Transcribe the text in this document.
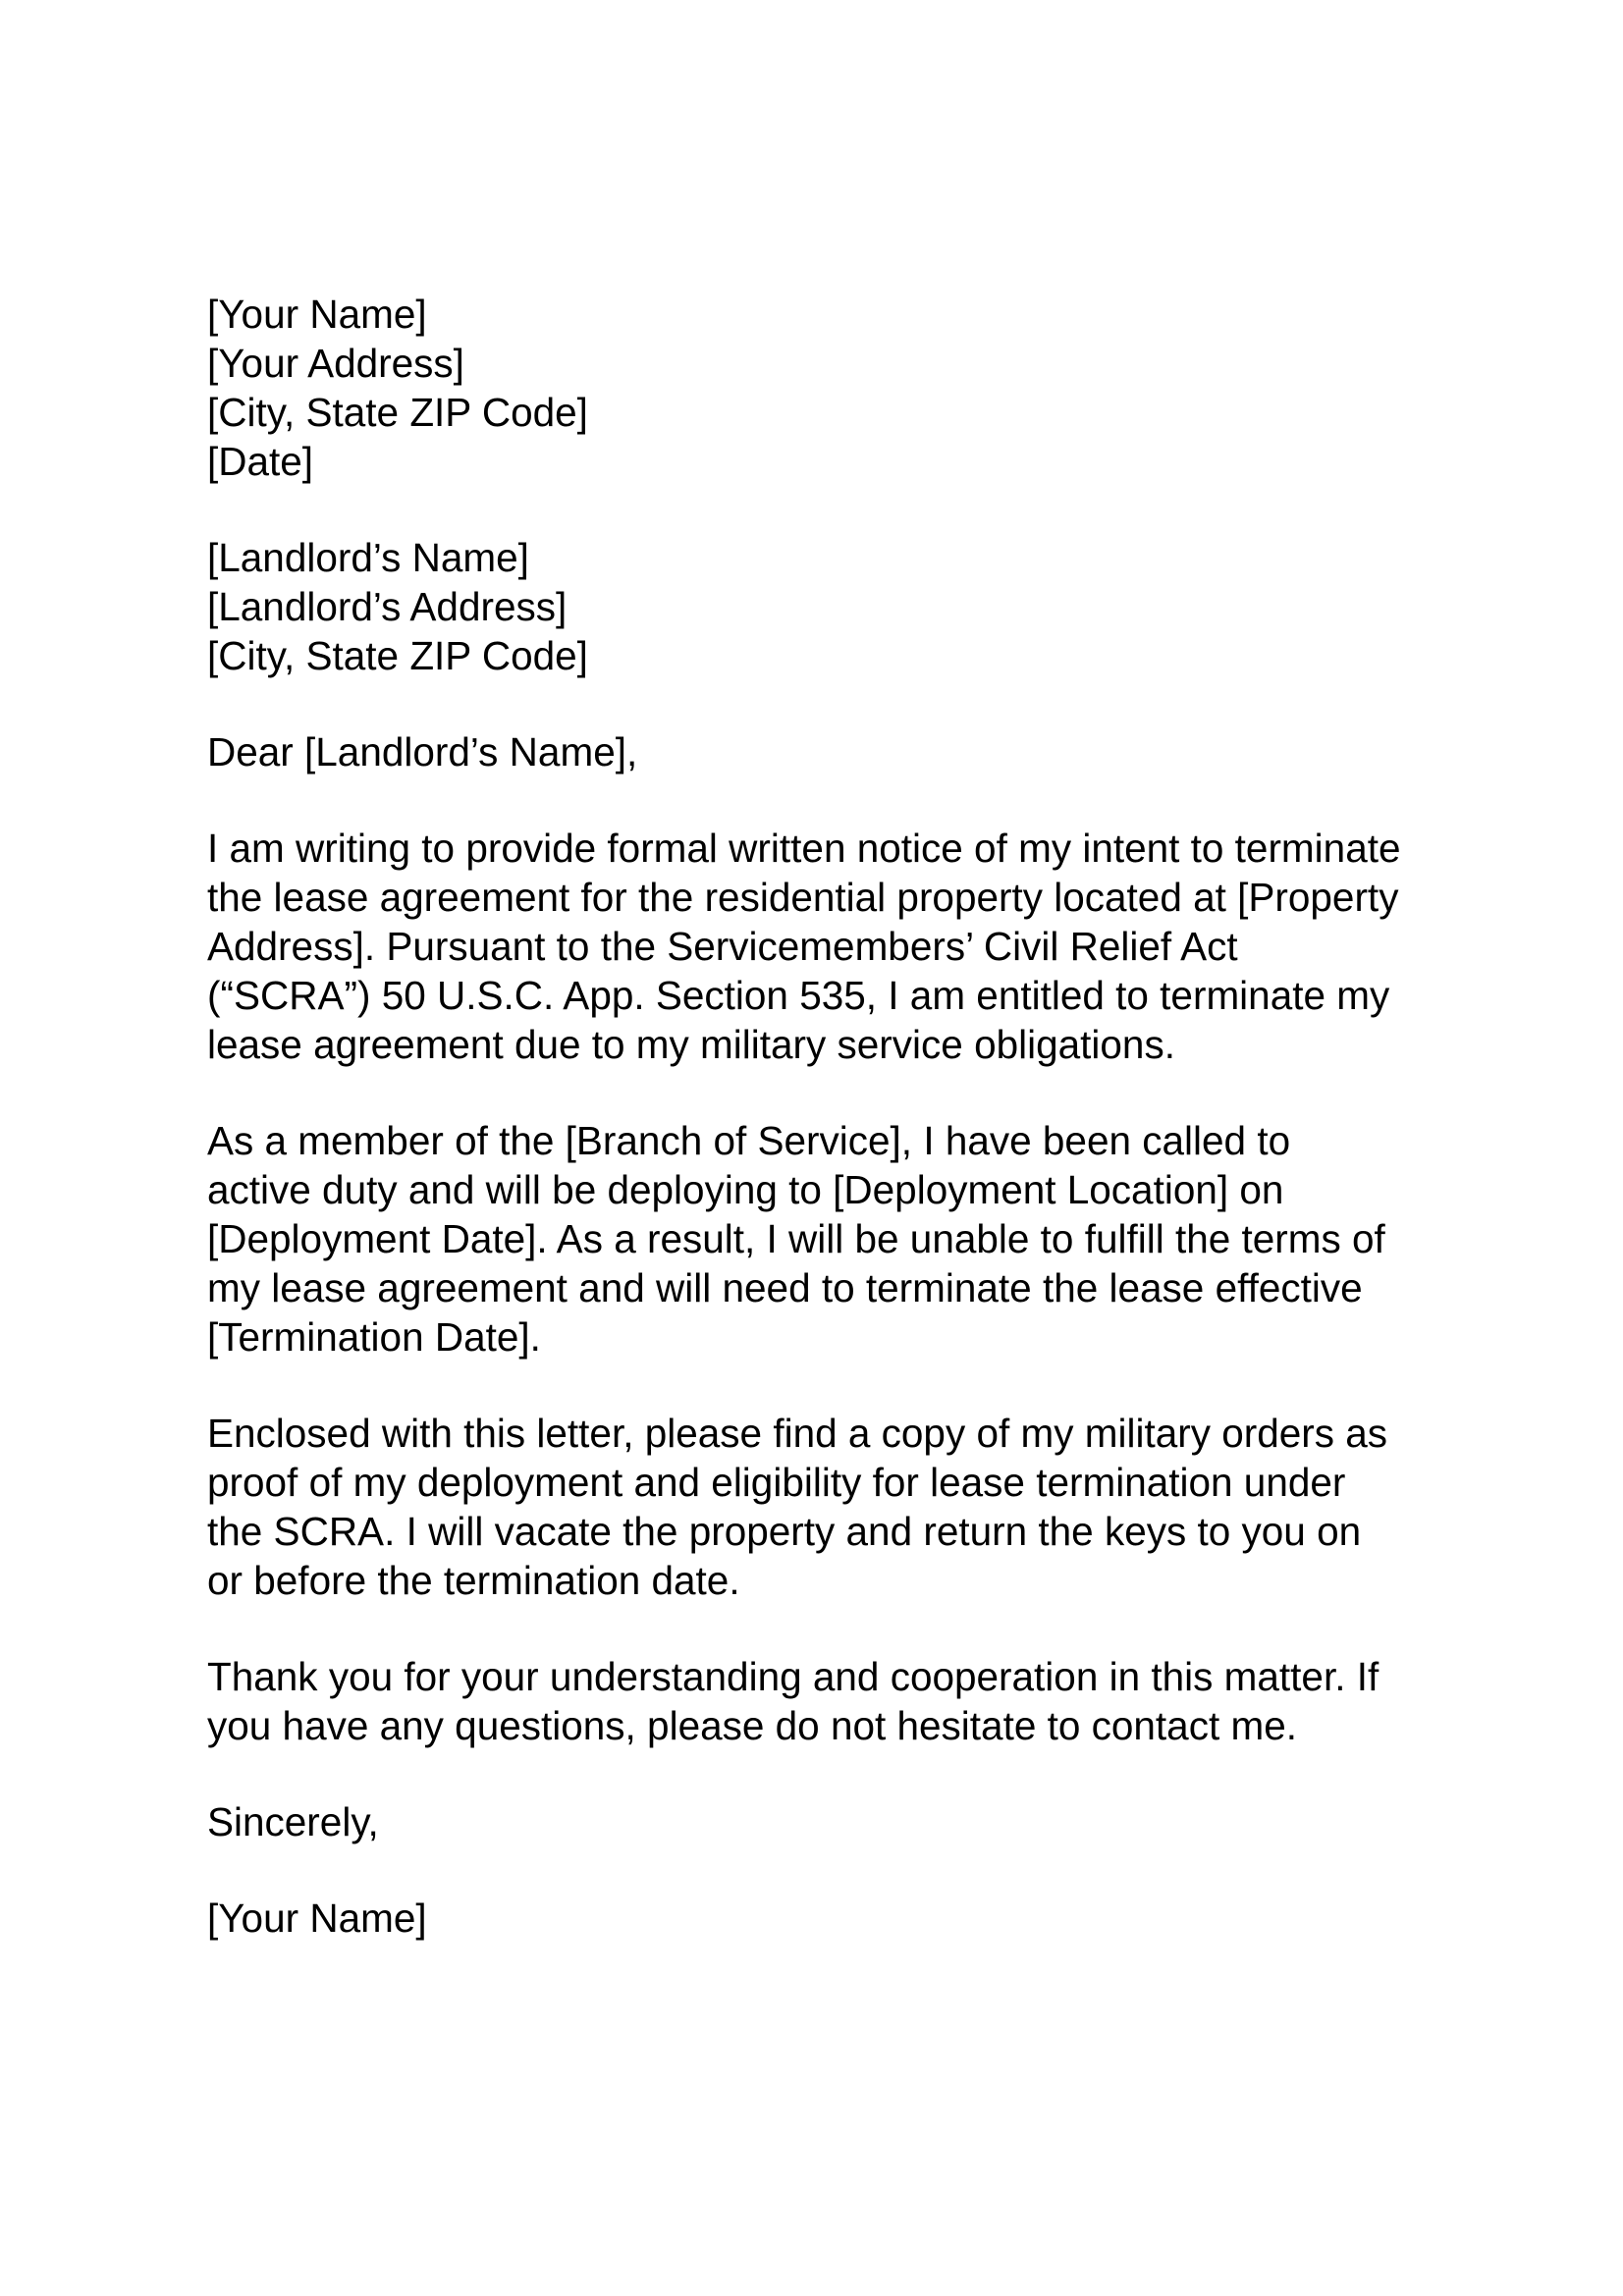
[Your Name]
[Your Address]
[City, State ZIP Code]
[Date]
[Landlord’s Name]
[Landlord’s Address]
[City, State ZIP Code]
Dear [Landlord’s Name],
I am writing to provide formal written notice of my intent to terminate
the lease agreement for the residential property located at [Property
Address]. Pursuant to the Servicemembers’ Civil Relief Act
(“SCRA”) 50 U.S.C. App. Section 535, I am entitled to terminate my
lease agreement due to my military service obligations.
As a member of the [Branch of Service], I have been called to
active duty and will be deploying to [Deployment Location] on
[Deployment Date]. As a result, I will be unable to fulfill the terms of
my lease agreement and will need to terminate the lease effective
[Termination Date].
Enclosed with this letter, please find a copy of my military orders as
proof of my deployment and eligibility for lease termination under
the SCRA. I will vacate the property and return the keys to you on
or before the termination date.
Thank you for your understanding and cooperation in this matter. If
you have any questions, please do not hesitate to contact me.
Sincerely,
[Your Name]
